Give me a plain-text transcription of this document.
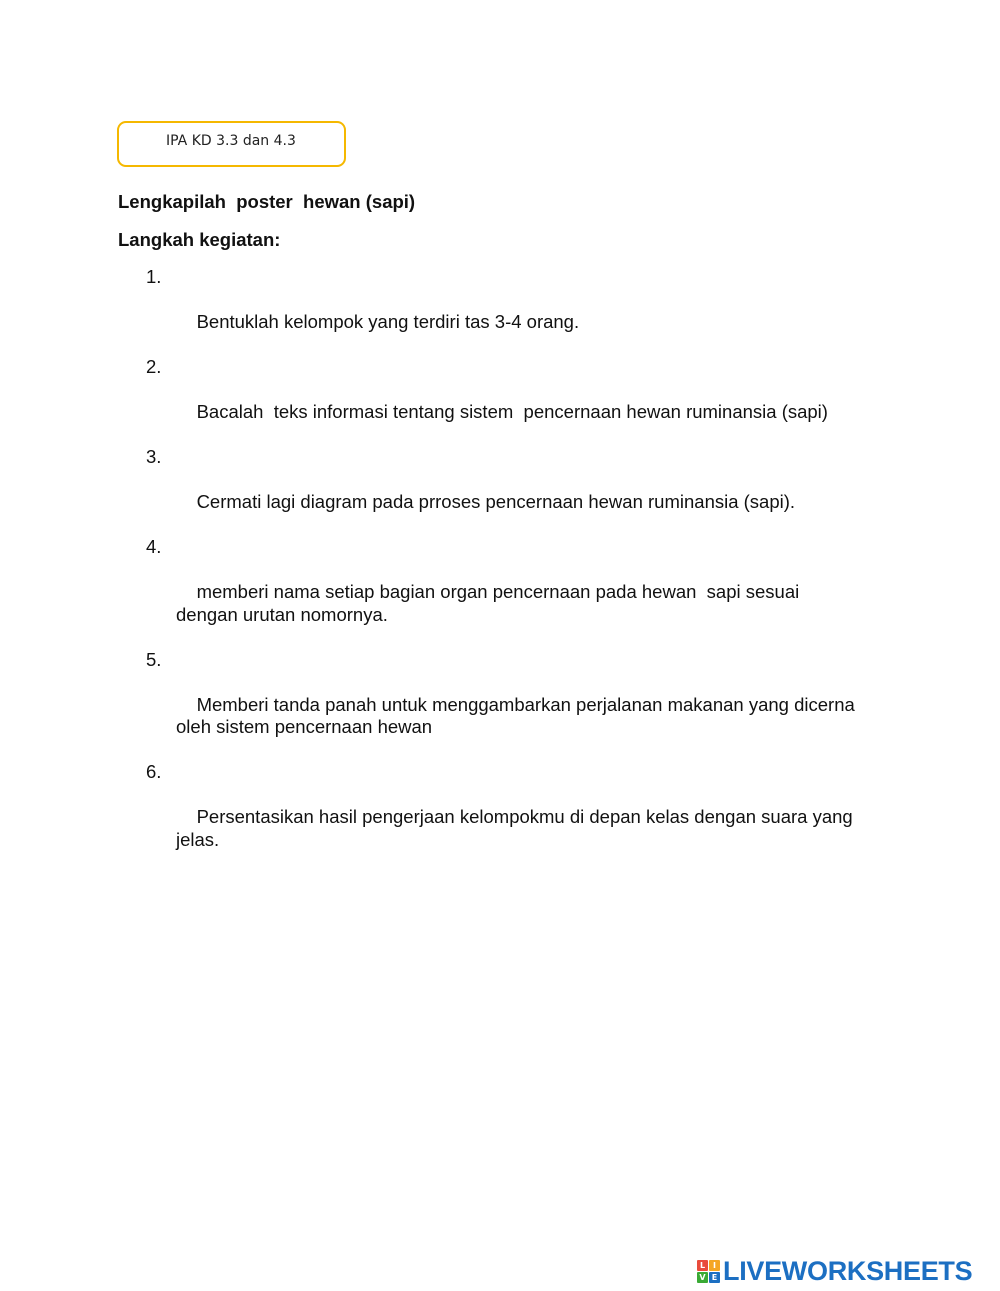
IPA KD 3.3 dan 4.3
Lengkapilah  poster  hewan (sapi)
Langkah kegiatan:

1.

Bentuklah kelompok yang terdiri tas 3-4 orang.

2.

Bacalah  teks informasi tentang sistem  pencernaan hewan ruminansia (sapi)

3.

Cermati lagi diagram pada prroses pencernaan hewan ruminansia (sapi).

4.

memberi nama setiap bagian organ pencernaan pada hewan  sapi sesuai
dengan urutan nomornya.

5.

Memberi tanda panah untuk menggambarkan perjalanan makanan yang dicerna
oleh sistem pencernaan hewan

6.

Persentasikan hasil pengerjaan kelompokmu di depan kelas dengan suara yang
jelas.

L I
V E LIVEWORKSHEETS
